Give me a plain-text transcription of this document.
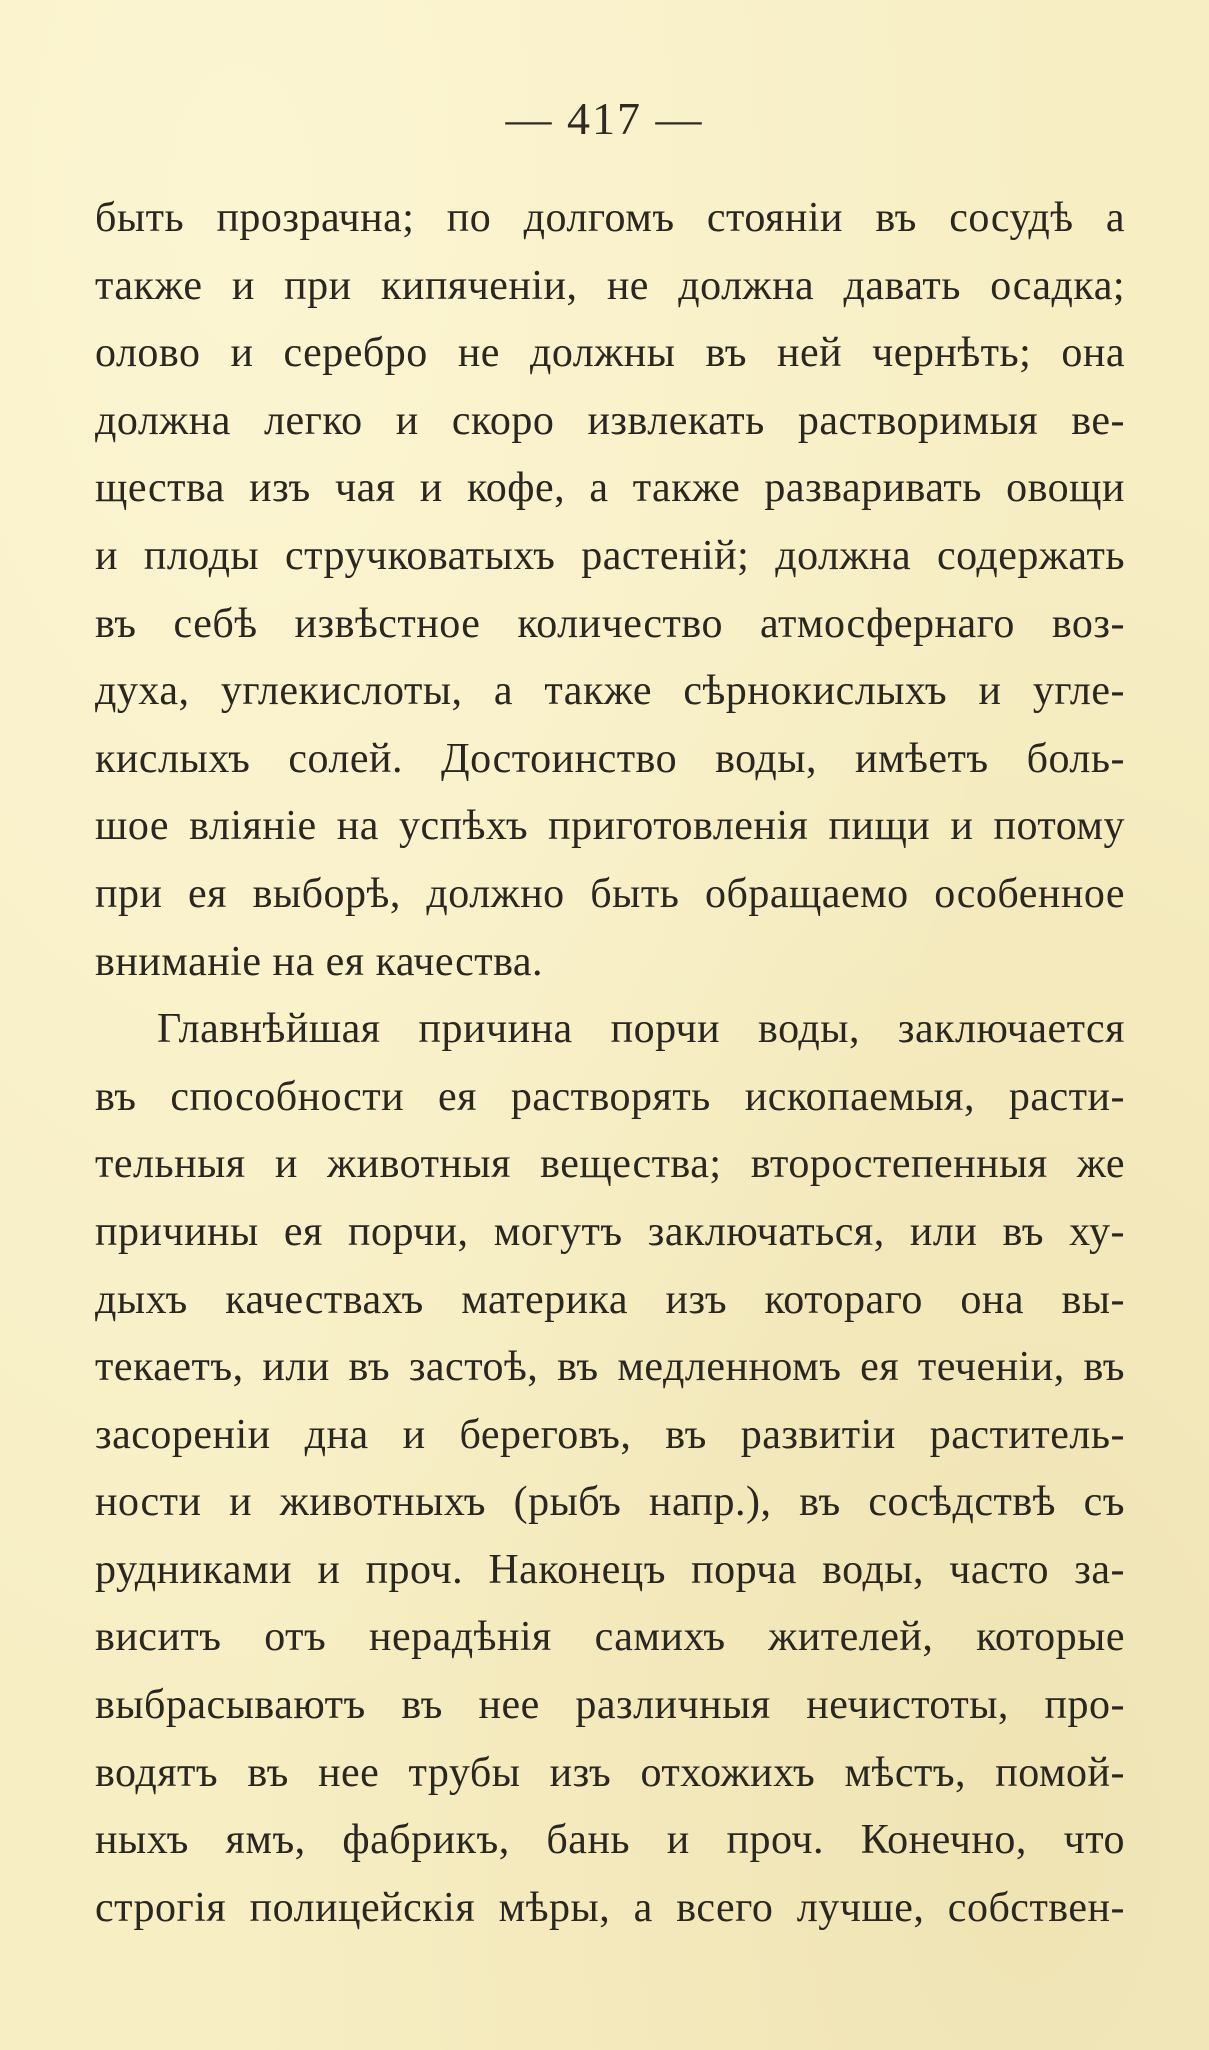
— 417 —
быть прозрачна; по долгомъ стоянiи въ сосудѣ а
также и при кипяченiи, не должна давать осадка;
олово и серебро не должны въ ней чернѣть; она
должна легко и скоро извлекать растворимыя ве-
щества изъ чая и кофе, а также разваривать овощи
и плоды стручковатыхъ растенiй; должна содержать
въ себѣ извѣстное количество атмосфернаго воз-
духа, углекислоты, а также сѣрнокислыхъ и угле-
кислыхъ солей. Достоинство воды, имѣетъ боль-
шое влiянiе на успѣхъ приготовленiя пищи и потому
при ея выборѣ, должно быть обращаемо особенное
вниманiе на ея качества.
Главнѣйшая причина порчи воды, заключается
въ способности ея растворять ископаемыя, расти-
тельныя и животныя вещества; второстепенныя же
причины ея порчи, могутъ заключаться, или въ ху-
дыхъ качествахъ материка изъ котораго она вы-
текаетъ, или въ застоѣ, въ медленномъ ея теченiи, въ
засоренiи дна и береговъ, въ развитiи раститель-
ности и животныхъ (рыбъ напр.), въ сосѣдствѣ съ
рудниками и проч. Наконецъ порча воды, часто за-
виситъ отъ нерадѣнiя самихъ жителей, которые
выбрасываютъ въ нее различныя нечистоты, про-
водятъ въ нее трубы изъ отхожихъ мѣстъ, помой-
ныхъ ямъ, фабрикъ, бань и проч. Конечно, что
строгiя полицейскiя мѣры, а всего лучше, собствен-
